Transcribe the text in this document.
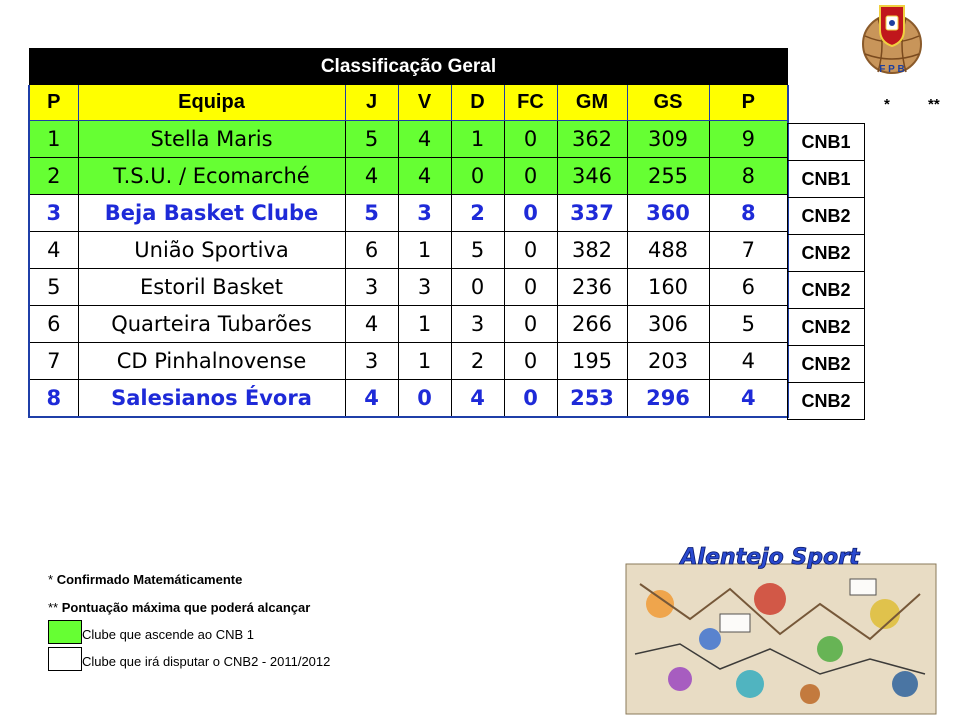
Classificação Geral								
P	Equipa	J	V	D	FC	GM	GS	P
1	Stella Maris	5	4	1	0	362	309	9
2	T.S.U. / Ecomarché	4	4	0	0	346	255	8
3	Beja Basket Clube	5	3	2	0	337	360	8
4	União Sportiva	6	1	5	0	382	488	7
5	Estoril Basket	3	3	0	0	236	160	6
6	Quarteira Tubarões	4	1	3	0	266	306	5
7	CD Pinhalnovense	3	1	2	0	195	203	4
8	Salesianos Évora	4	0	4	0	253	296	4
CNB1
CNB1
CNB2
CNB2
CNB2
CNB2
CNB2
CNB2
F P B
*	**
* Confirmado Matemáticamente
** Pontuação máxima que poderá alcançar
Clube que ascende ao CNB 1
Clube que irá disputar o CNB2 - 2011/2012
Alentejo Sport
